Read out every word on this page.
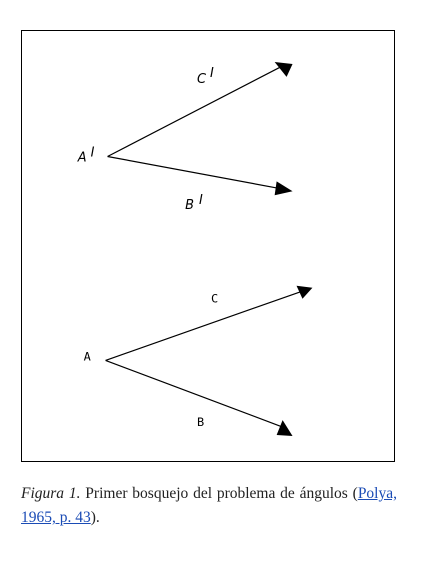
A I
C I
B I
A
C
B

Figura 1. Primer bosquejo del problema de ángulos (Polya, 1965, p. 43).
